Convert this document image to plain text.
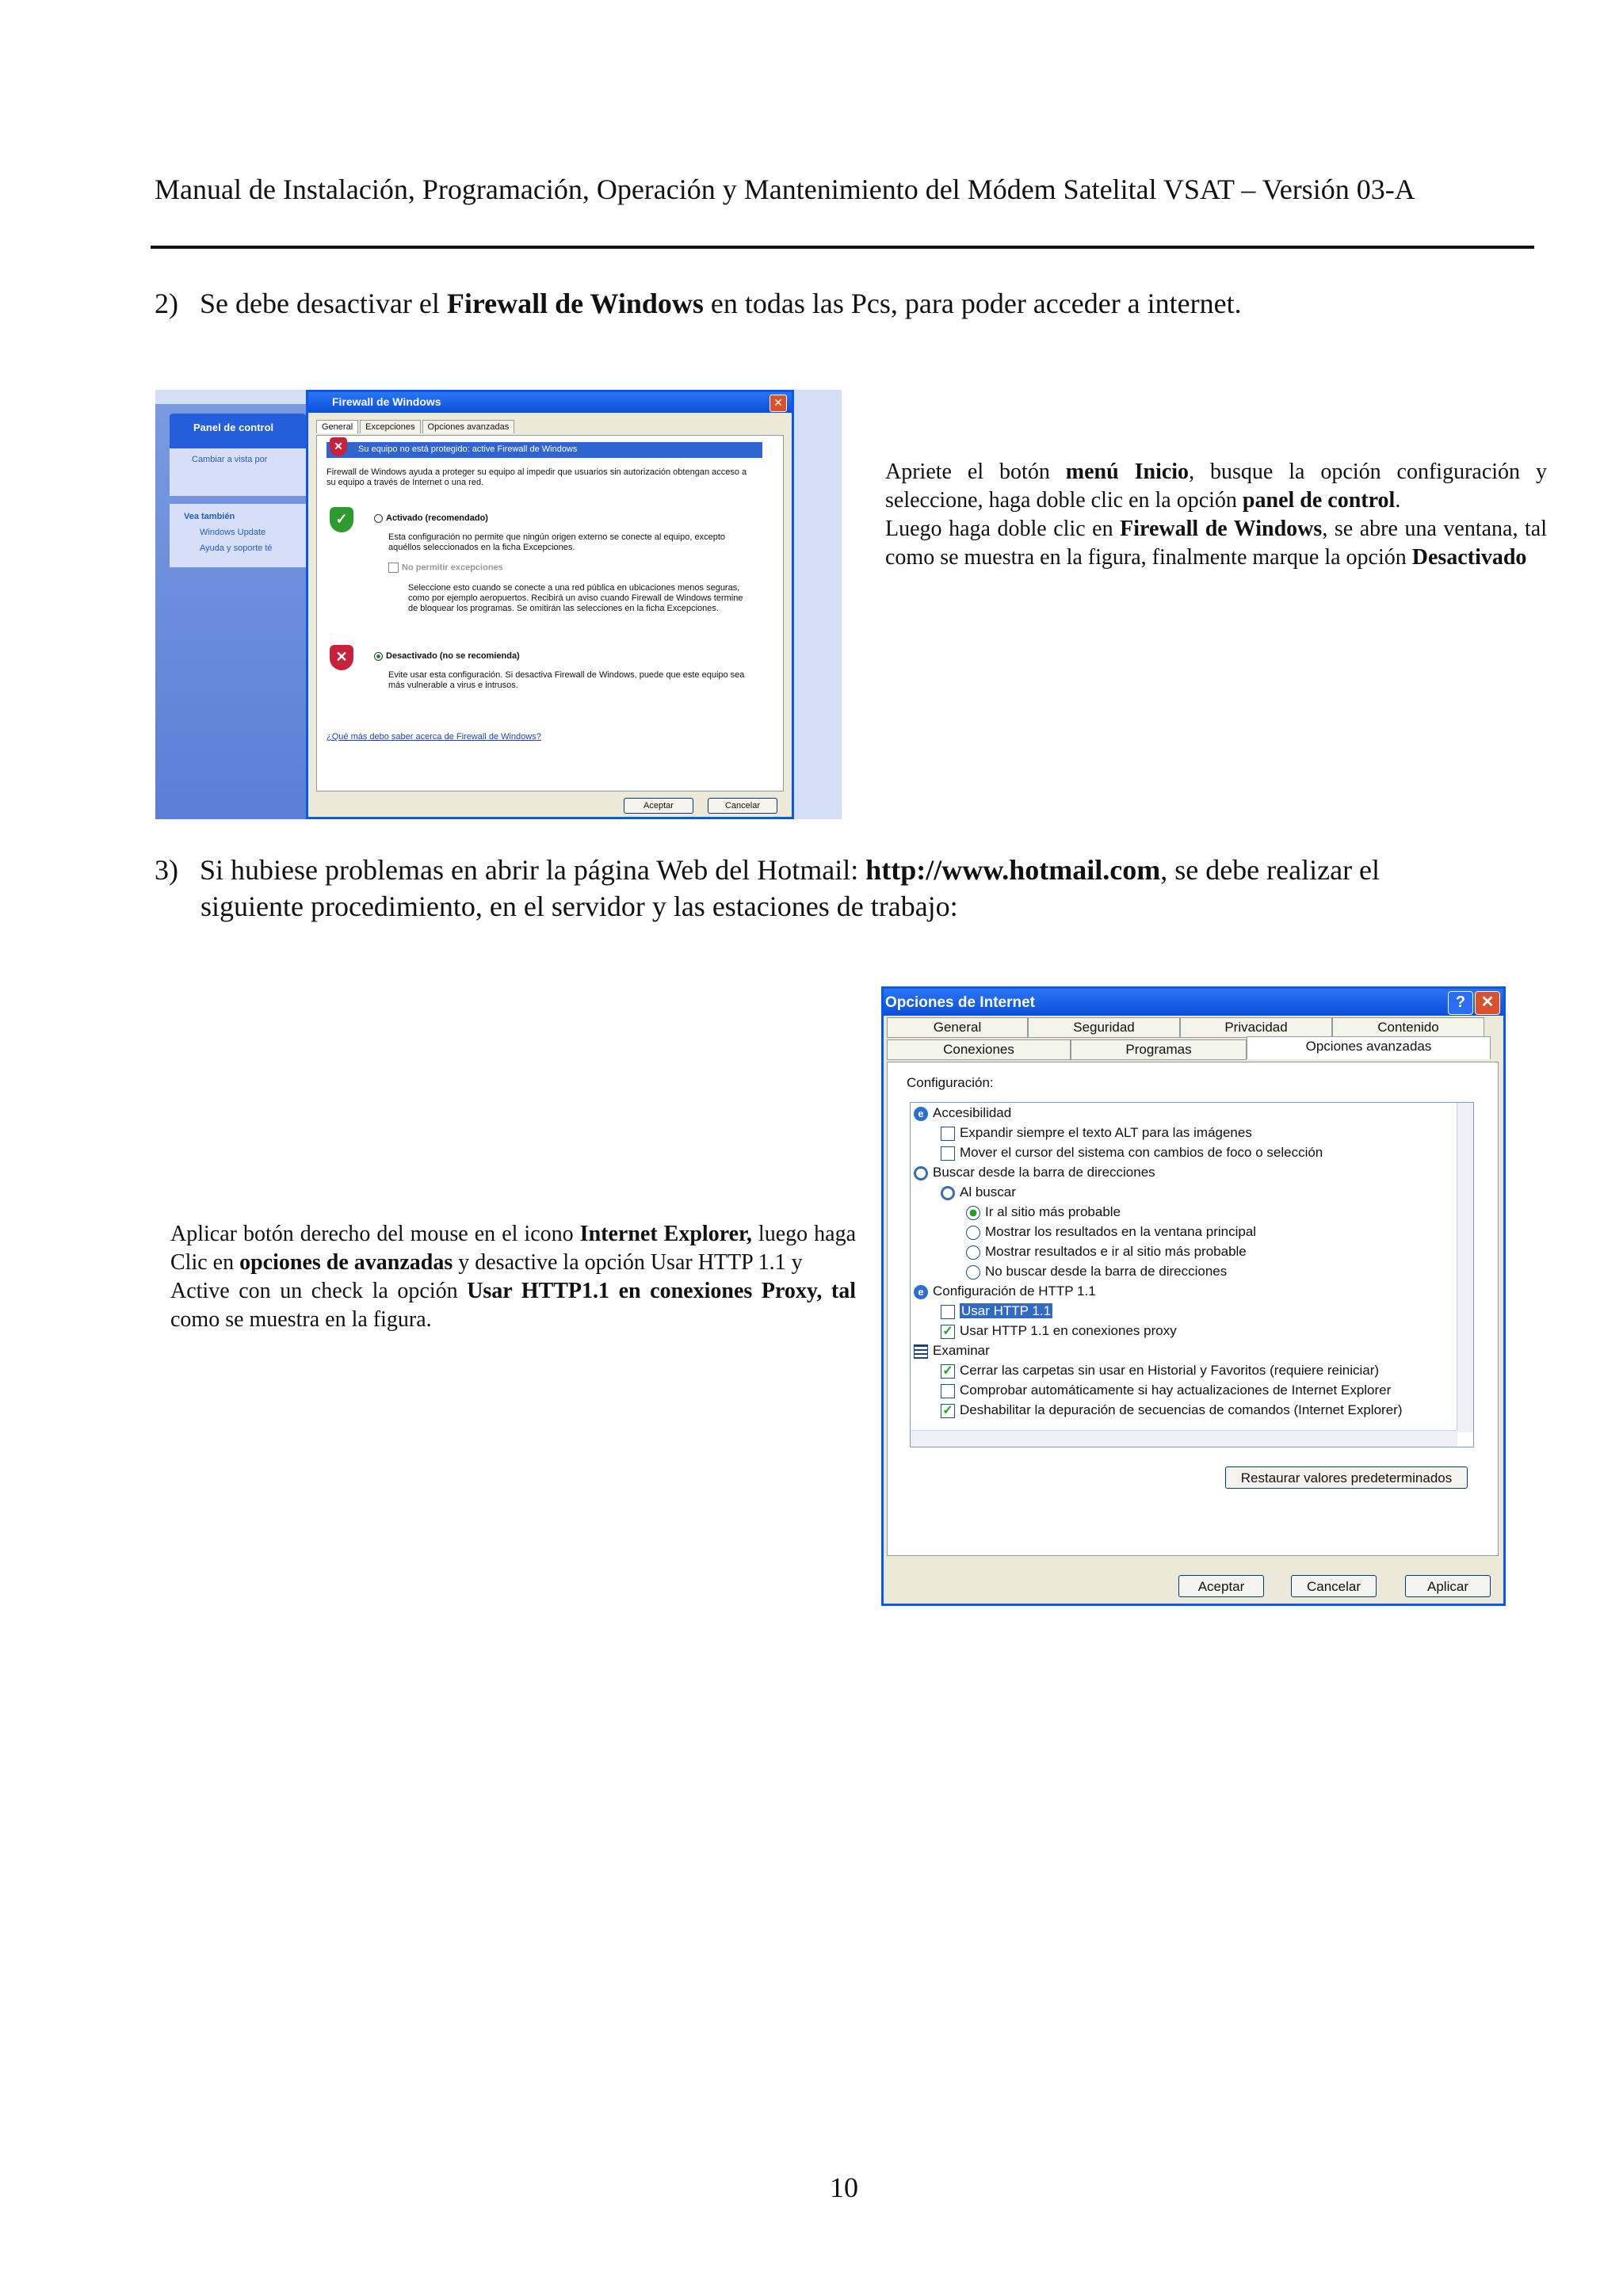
Manual de Instalación, Programación, Operación y Mantenimiento del Módem Satelital VSAT – Versión 03-A
2) Se debe desactivar el Firewall de Windows en todas las Pcs, para poder acceder a internet.
Panel de control
Cambiar a vista por
Vea también
Windows Update
Ayuda y soporte té
Firewall de Windows	✕
General Excepciones Opciones avanzadas
Su equipo no está protegido: active Firewall de Windows
✕
Firewall de Windows ayuda a proteger su equipo al impedir que usuarios sin autorización obtengan acceso a su equipo a través de Internet o una red.
✓	Activado (recomendado)
Esta configuración no permite que ningún origen externo se conecte al equipo, excepto aquéllos seleccionados en la ficha Excepciones.
No permitir excepciones
Seleccione esto cuando se conecte a una red pública en ubicaciones menos seguras, como por ejemplo aeropuertos. Recibirá un aviso cuando Firewall de Windows termine de bloquear los programas. Se omitirán las selecciones en la ficha Excepciones.
✕	Desactivado (no se recomienda)
Evite usar esta configuración. Si desactiva Firewall de Windows, puede que este equipo sea más vulnerable a virus e intrusos.
¿Qué más debo saber acerca de Firewall de Windows?
Aceptar	Cancelar
Apriete el botón menú Inicio, busque la opción configuración y seleccione, haga doble clic en la opción panel de control.
Luego haga doble clic en Firewall de Windows, se abre una ventana, tal como se muestra en la figura, finalmente marque la opción Desactivado
3) Si hubiese problemas en abrir la página Web del Hotmail: http://www.hotmail.com, se debe realizar el
siguiente procedimiento, en el servidor y las estaciones de trabajo:
Aplicar botón derecho del mouse en el icono Internet Explorer, luego haga Clic en opciones de avanzadas y desactive la opción Usar HTTP 1.1 y
Active con un check la opción Usar HTTP1.1 en conexiones Proxy, tal como se muestra en la figura.
Opciones de Internet	? ✕
General	Seguridad	Privacidad	Contenido
Conexiones	Programas	Opciones avanzadas
Configuración:
e Accesibilidad
Expandir siempre el texto ALT para las imágenes
Mover el cursor del sistema con cambios de foco o selección
Buscar desde la barra de direcciones
Al buscar
Ir al sitio más probable
Mostrar los resultados en la ventana principal
Mostrar resultados e ir al sitio más probable
No buscar desde la barra de direcciones
e Configuración de HTTP 1.1
Usar HTTP 1.1
✓ Usar HTTP 1.1 en conexiones proxy
Examinar
✓ Cerrar las carpetas sin usar en Historial y Favoritos (requiere reiniciar)
Comprobar automáticamente si hay actualizaciones de Internet Explorer
✓ Deshabilitar la depuración de secuencias de comandos (Internet Explorer)
Restaurar valores predeterminados
Aceptar	Cancelar	Aplicar
10
